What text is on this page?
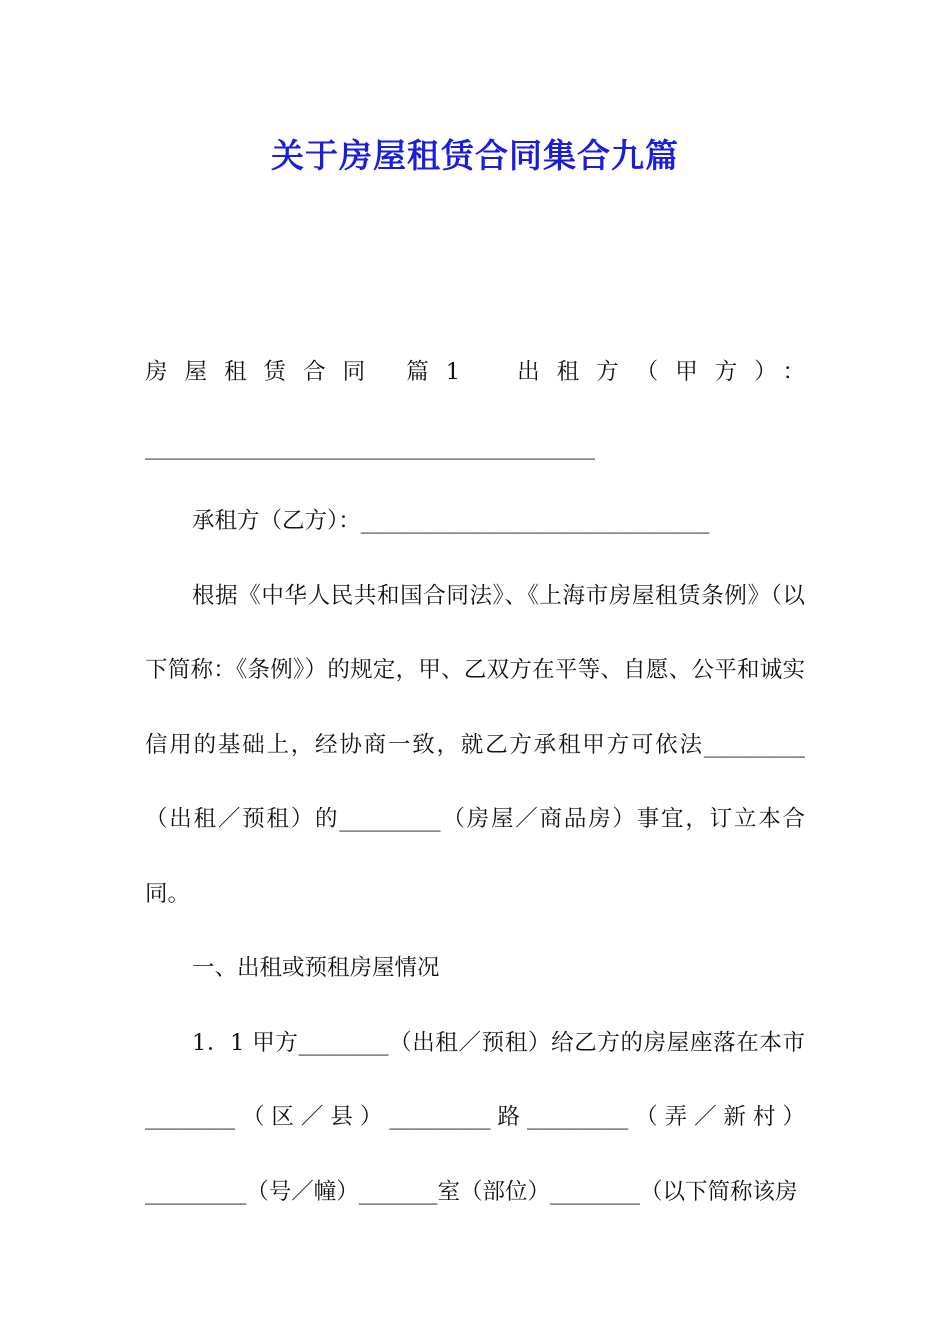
关于房屋租赁合同集合九篇

房屋租赁合同 篇1 出租方（甲方）：________________________________________

承租方（乙方）：_______________________________

根据《中华人民共和国合同法》、《上海市房屋租赁条例》（以下简称：《条例》）的规定，甲、乙双方在平等、自愿、公平和诚实信用的基础上，经协商一致，就乙方承租甲方可依法_________（出租／预租）的_________（房屋／商品房）事宜，订立本合同。

一、出租或预租房屋情况

1．1 甲方________（出租／预租）给乙方的房屋座落在本市________（区／县）_________路_________（弄／新村）_________（号／幢）_______室（部位）________（以下简称该房
